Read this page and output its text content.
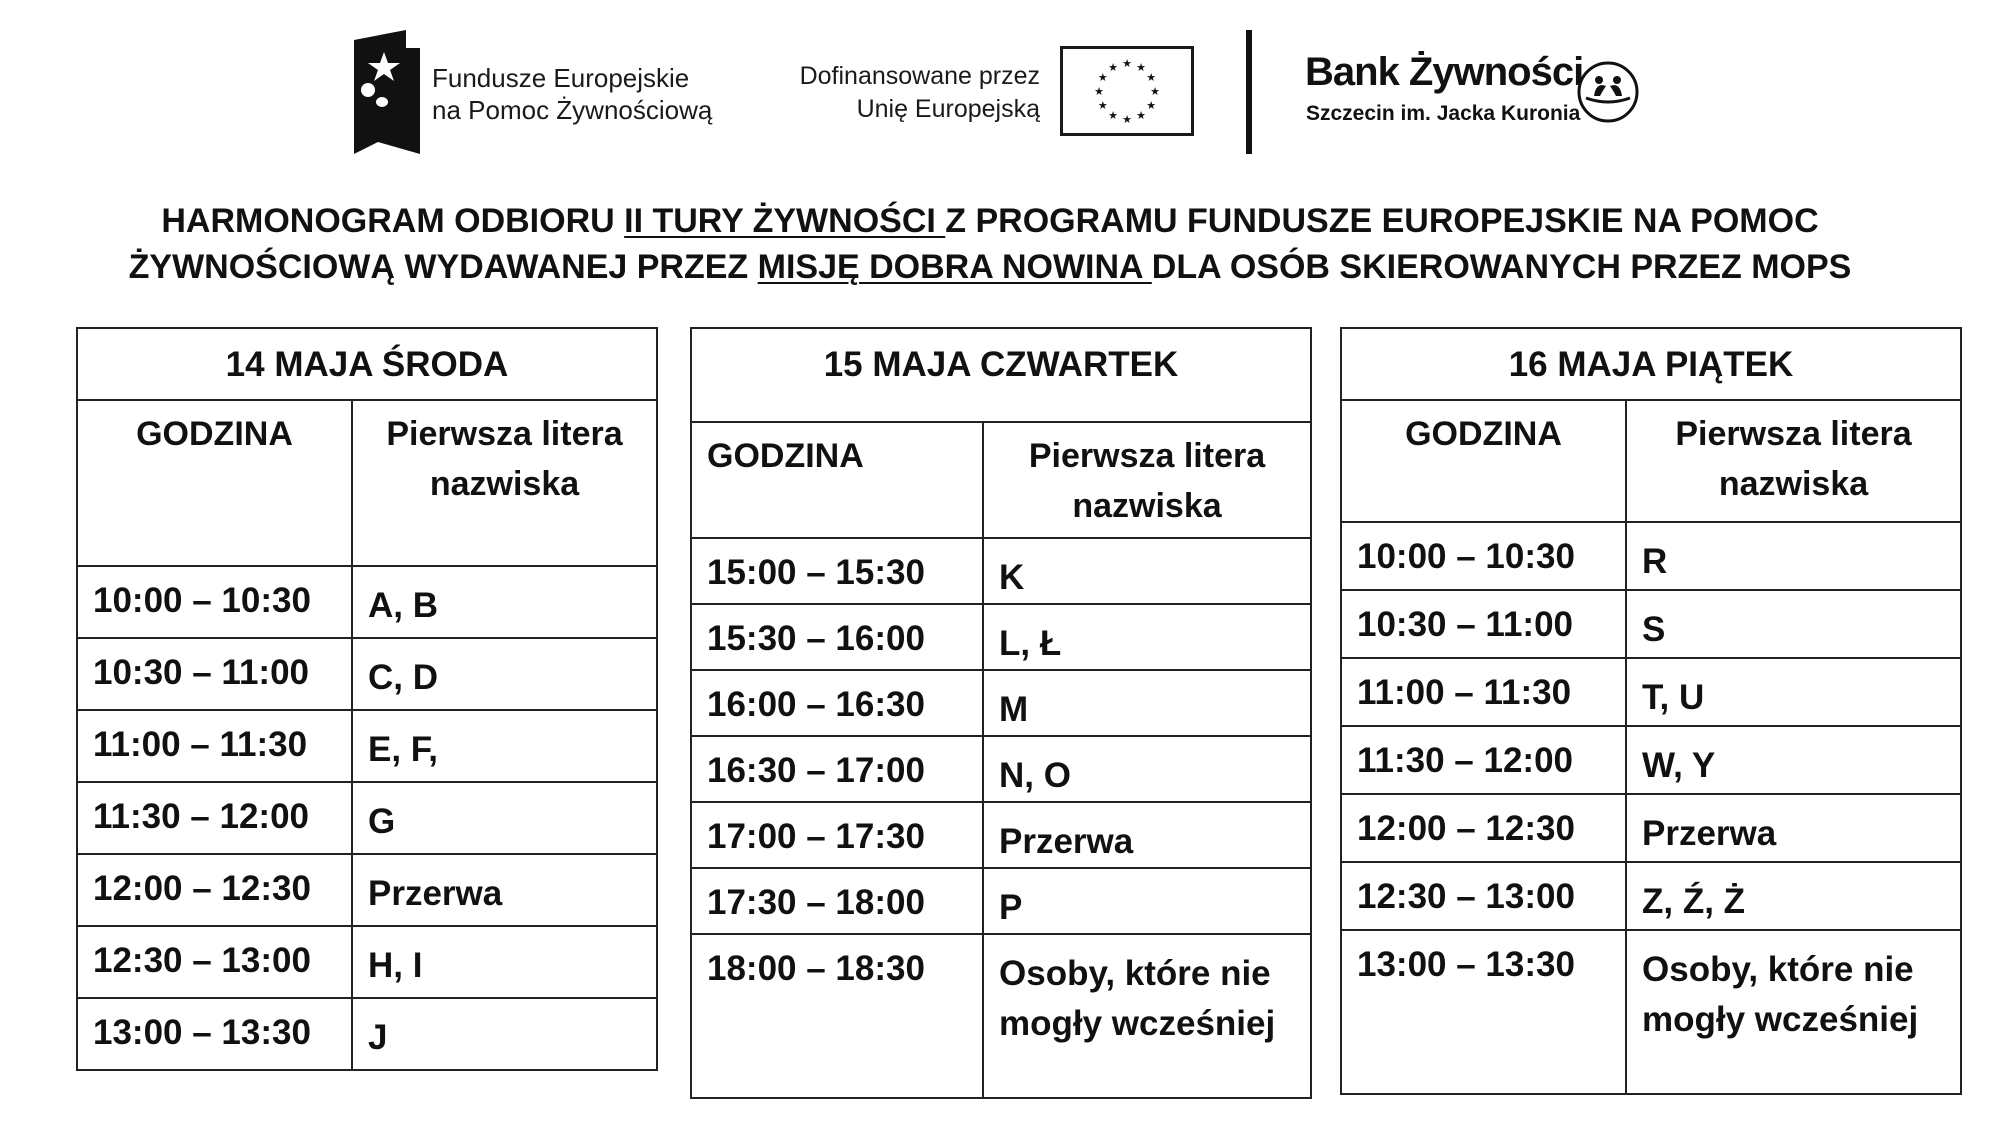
Fundusze Europejskie
na Pomoc Żywnościową
Dofinansowane przez
Unię Europejską
★ ★
★
★
★
★
★
★
★
★
★
★	Bank Żywności
Szczecin im. Jacka Kuronia
HARMONOGRAM ODBIORU II TURY ŻYWNOŚCI Z PROGRAMU FUNDUSZE EUROPEJSKIE NA POMOC
ŻYWNOŚCIOWĄ WYDAWANEJ PRZEZ MISJĘ DOBRA NOWINA DLA OSÓB SKIEROWANYCH PRZEZ MOPS
14 MAJA ŚRODA	
GODZINA	Pierwsza litera nazwiska
10:00 – 10:30	A, B
10:30 – 11:00	C, D
11:00 – 11:30	E, F,
11:30 – 12:00	G
12:00 – 12:30	Przerwa
12:30 – 13:00	H, I
13:00 – 13:30	J
15 MAJA CZWARTEK	
GODZINA	Pierwsza litera nazwiska
15:00 – 15:30	K
15:30 – 16:00	L, Ł
16:00 – 16:30	M
16:30 – 17:00	N, O
17:00 – 17:30	Przerwa
17:30 – 18:00	P
18:00 – 18:30	Osoby, które nie mogły wcześniej
16 MAJA PIĄTEK	
GODZINA	Pierwsza litera nazwiska
10:00 – 10:30	R
10:30 – 11:00	S
11:00 – 11:30	T, U
11:30 – 12:00	W, Y
12:00 – 12:30	Przerwa
12:30 – 13:00	Z, Ź, Ż
13:00 – 13:30	Osoby, które nie mogły wcześniej
